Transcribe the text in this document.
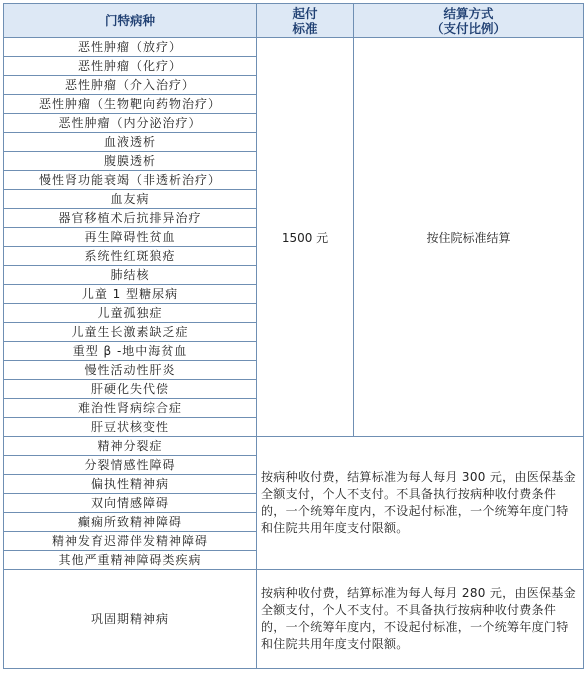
门特病种	起付
标准	结算方式
（支付比例）
恶性肿瘤（放疗）	1500 元	按住院标准结算
恶性肿瘤（化疗）		
恶性肿瘤（介入治疗）		
恶性肿瘤（生物靶向药物治疗）		
恶性肿瘤（内分泌治疗）		
血液透析		
腹膜透析		
慢性肾功能衰竭（非透析治疗）		
血友病		
器官移植术后抗排异治疗		
再生障碍性贫血		
系统性红斑狼疮		
肺结核		
儿童 1 型糖尿病		
儿童孤独症		
儿童生长激素缺乏症		
重型 β -地中海贫血		
慢性活动性肝炎		
肝硬化失代偿		
难治性肾病综合症		
肝豆状核变性		
精神分裂症	按病种收付费，结算标准为每人每月 300 元，由医保基金全额支付，个人不支付。不具备执行按病种收付费条件的，一个统筹年度内，不设起付标准，一个统筹年度门特和住院共用年度支付限额。	
分裂情感性障碍		
偏执性精神病		
双向情感障碍		
癫痫所致精神障碍		
精神发育迟滞伴发精神障碍		
其他严重精神障碍类疾病		
巩固期精神病	按病种收付费，结算标准为每人每月 280 元，由医保基金全额支付，个人不支付。不具备执行按病种收付费条件的，一个统筹年度内，不设起付标准，一个统筹年度门特和住院共用年度支付限额。	
